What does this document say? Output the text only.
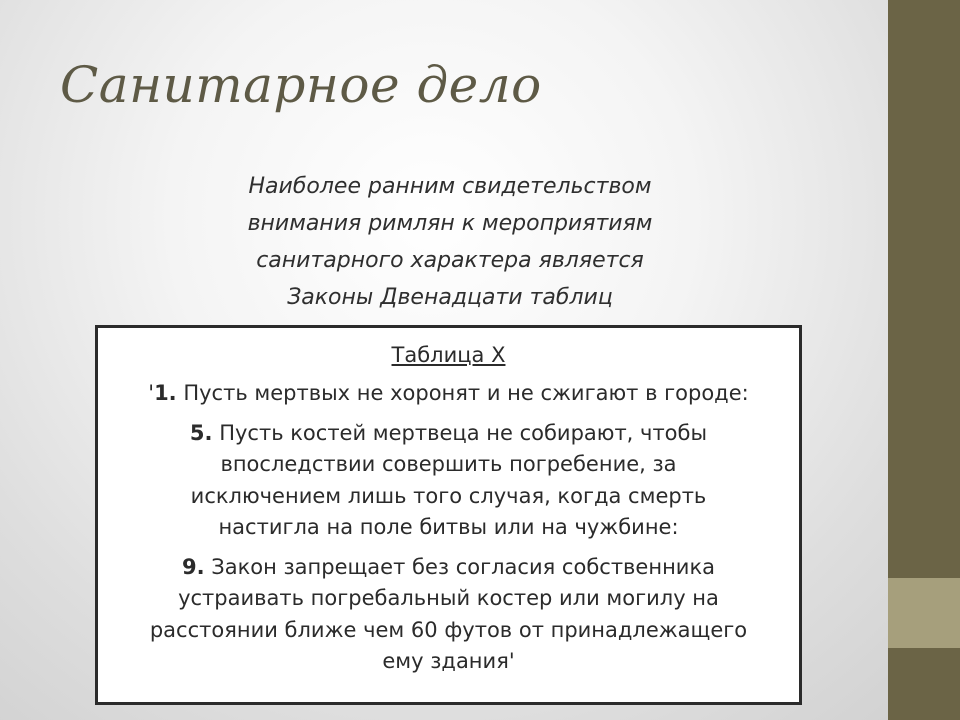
Санитарное дело
Наиболее ранним свидетельством
внимания римлян к мероприятиям
санитарного характера является
Законы Двенадцати таблиц
Таблица X
'1. Пусть мертвых не хоронят и не сжигают в городе:
5. Пусть костей мертвеца не собирают, чтобы
впоследствии совершить погребение, за
исключением лишь того случая, когда смерть
настигла на поле битвы или на чужбине:
9. Закон запрещает без согласия собственника
устраивать погребальный костер или могилу на
расстоянии ближе чем 60 футов от принадлежащего
ему здания'
